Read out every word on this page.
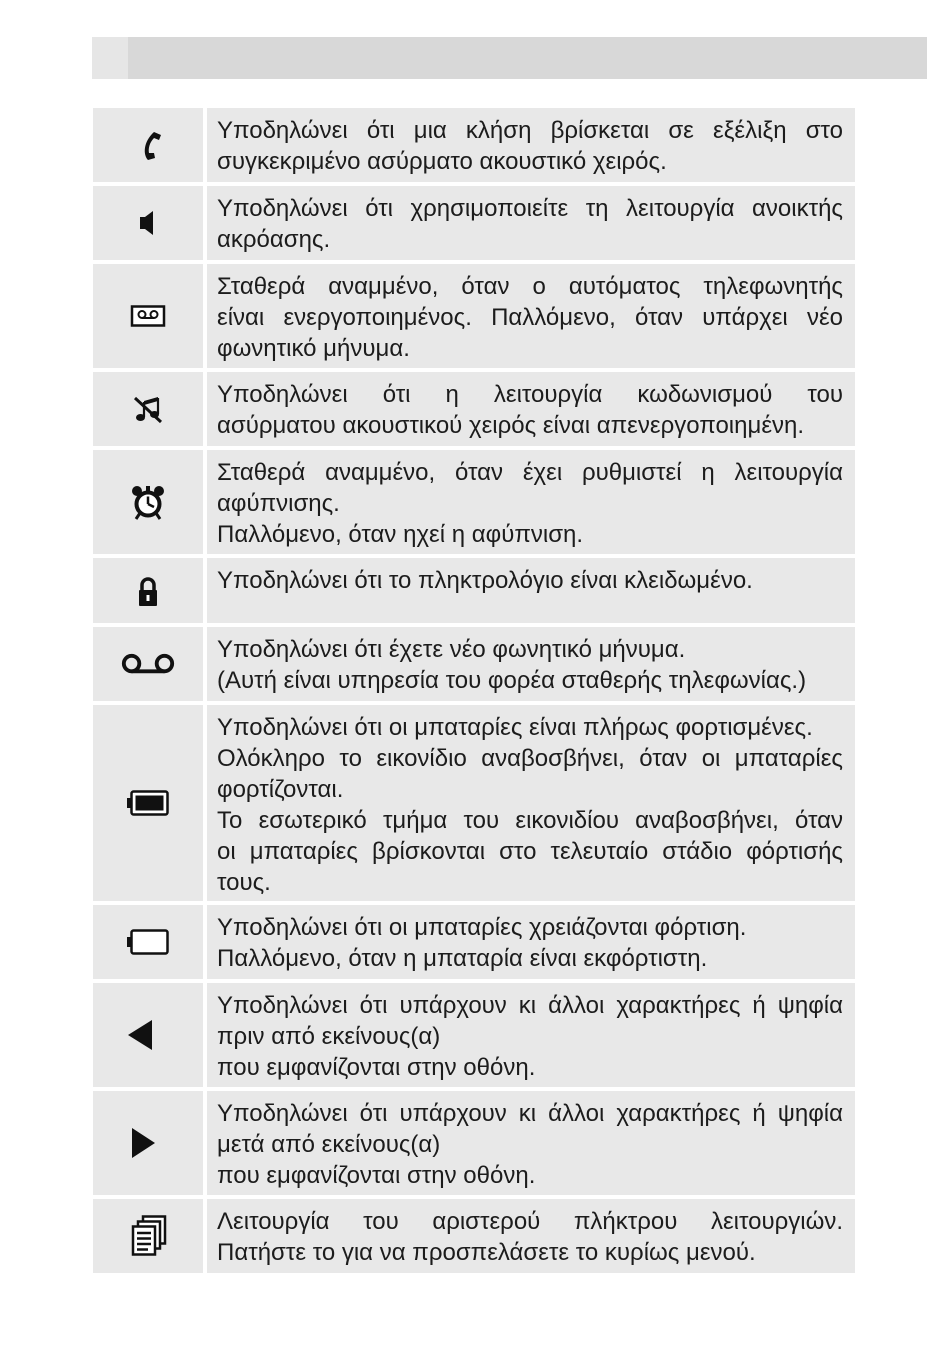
Υποδηλώνει ότι μια κλήση βρίσκεται σε εξέλιξη στο
συγκεκριμένο ασύρματο ακουστικό χειρός.
Υποδηλώνει ότι χρησιμοποιείτε τη λειτουργία ανοικτής
ακρόασης.
Σταθερά αναμμένο, όταν ο αυτόματος τηλεφωνητής
είναι ενεργοποιημένος. Παλλόμενο, όταν υπάρχει νέο
φωνητικό μήνυμα.
Υποδηλώνει ότι η λειτουργία κωδωνισμού του
ασύρματου ακουστικού χειρός είναι απενεργοποιημένη.
Σταθερά αναμμένο, όταν έχει ρυθμιστεί η λειτουργία
αφύπνισης.
Παλλόμενο, όταν ηχεί η αφύπνιση.
Υποδηλώνει ότι το πληκτρολόγιο είναι κλειδωμένο.
Υποδηλώνει ότι έχετε νέο φωνητικό μήνυμα.
(Αυτή είναι υπηρεσία του φορέα σταθερής τηλεφωνίας.)
Υποδηλώνει ότι οι μπαταρίες είναι πλήρως φορτισμένες.
Ολόκληρο το εικονίδιο αναβοσβήνει, όταν οι μπαταρίες
φορτίζονται.
Το εσωτερικό τμήμα του εικονιδίου αναβοσβήνει, όταν
οι μπαταρίες βρίσκονται στο τελευταίο στάδιο φόρτισής
τους.
Υποδηλώνει ότι οι μπαταρίες χρειάζονται φόρτιση.
Παλλόμενο, όταν η μπαταρία είναι εκφόρτιστη.
Υποδηλώνει ότι υπάρχουν κι άλλοι χαρακτήρες ή ψηφία
πριν από εκείνους(α)
που εμφανίζονται στην οθόνη.
Υποδηλώνει ότι υπάρχουν κι άλλοι χαρακτήρες ή ψηφία
μετά από εκείνους(α)
που εμφανίζονται στην οθόνη.
Λειτουργία του αριστερού πλήκτρου λειτουργιών.
Πατήστε το για να προσπελάσετε το κυρίως μενού.
